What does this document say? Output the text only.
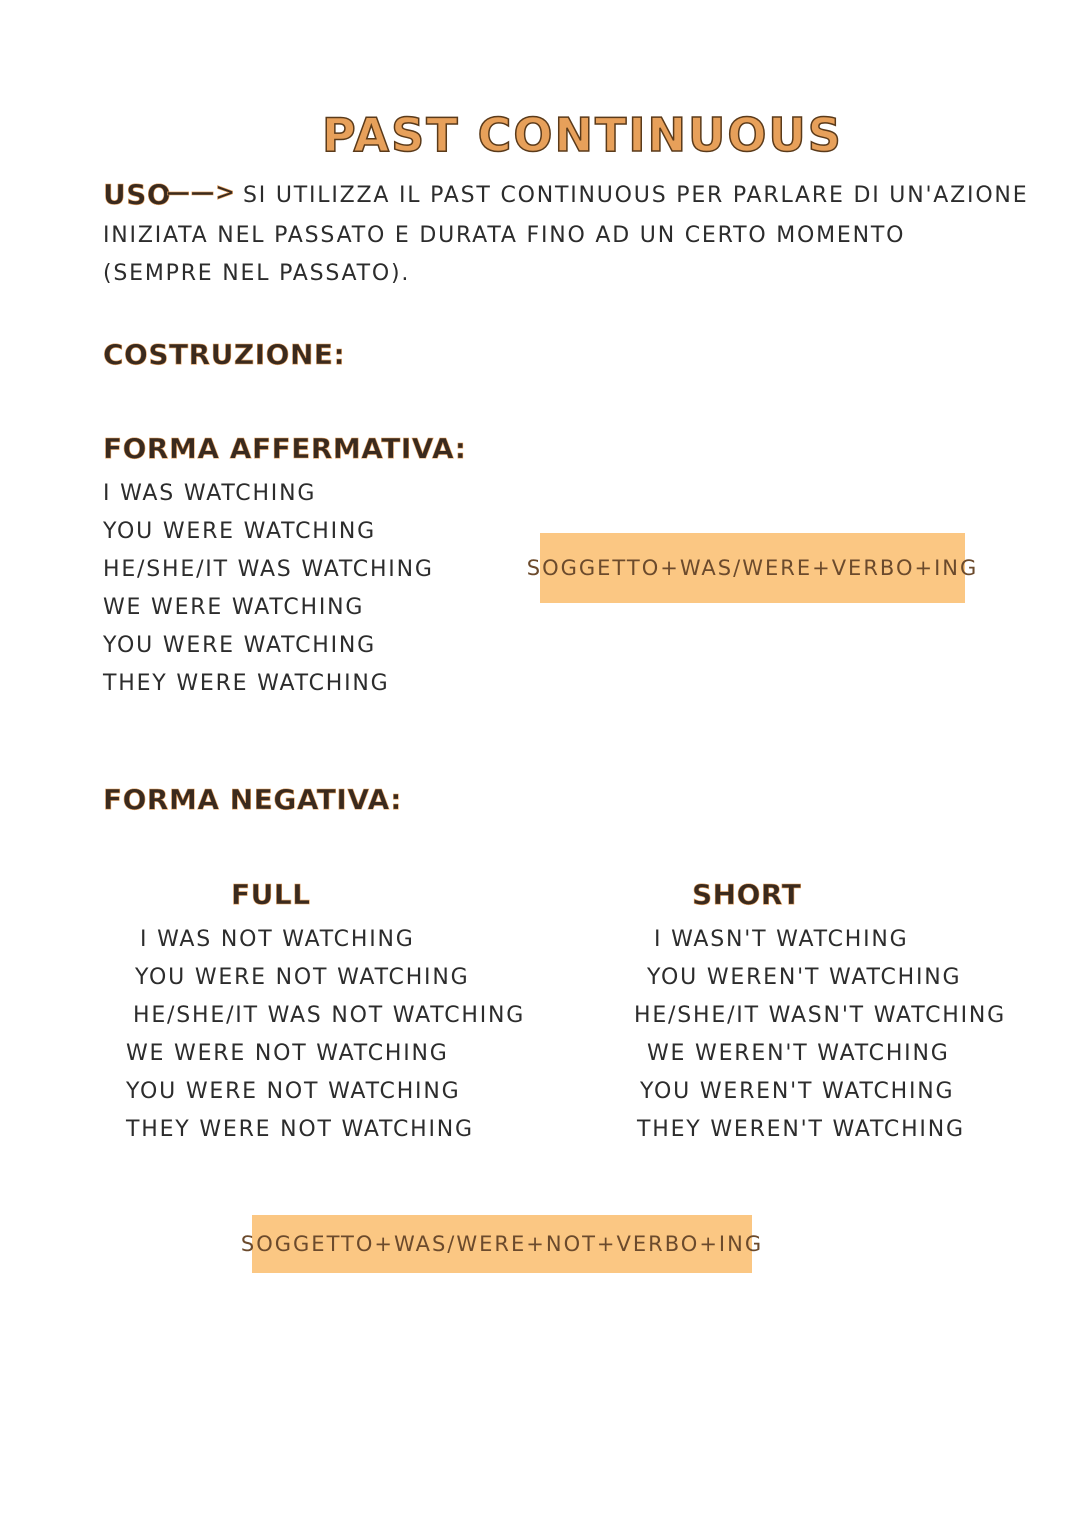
PAST CONTINUOUS
USO
——> SI UTILIZZA IL PAST CONTINUOUS PER PARLARE DI UN'AZIONE
INIZIATA NEL PASSATO E DURATA FINO AD UN CERTO MOMENTO
(SEMPRE NEL PASSATO).
COSTRUZIONE:
FORMA AFFERMATIVA:
I WAS WATCHING
YOU WERE WATCHING
HE/SHE/IT WAS WATCHING
WE WERE WATCHING
YOU WERE WATCHING
THEY WERE WATCHING
SOGGETTO+WAS/WERE+VERBO+ING
FORMA NEGATIVA:
FULL
I WAS NOT WATCHING
YOU WERE NOT WATCHING
HE/SHE/IT WAS NOT WATCHING
WE WERE NOT WATCHING
YOU WERE NOT WATCHING
THEY WERE NOT WATCHING
SHORT
I WASN'T WATCHING
YOU WEREN'T WATCHING
HE/SHE/IT WASN'T WATCHING
WE WEREN'T WATCHING
YOU WEREN'T WATCHING
THEY WEREN'T WATCHING
SOGGETTO+WAS/WERE+NOT+VERBO+ING
